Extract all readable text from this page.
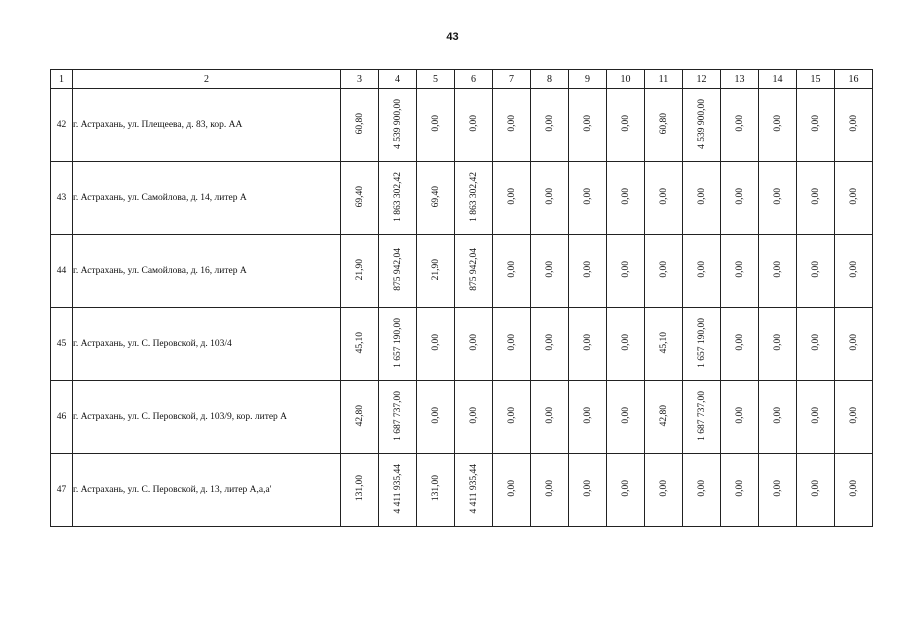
43
1	2	3	4	5	6	7	8	9	10	11	12	13	14	15	16
42	г. Астрахань, ул. Плещеева, д. 83, кор. АА	60,80	4 539 900,00	0,00	0,00	0,00	0,00	0,00	0,00	60,80	4 539 900,00	0,00	0,00	0,00	0,00
43	г. Астрахань, ул. Самойлова, д. 14, литер А	69,40	1 863 302,42	69,40	1 863 302,42	0,00	0,00	0,00	0,00	0,00	0,00	0,00	0,00	0,00	0,00
44	г. Астрахань, ул. Самойлова, д. 16, литер А	21,90	875 942,04	21,90	875 942,04	0,00	0,00	0,00	0,00	0,00	0,00	0,00	0,00	0,00	0,00
45	г. Астрахань, ул. С. Перовской, д. 103/4	45,10	1 657 190,00	0,00	0,00	0,00	0,00	0,00	0,00	45,10	1 657 190,00	0,00	0,00	0,00	0,00
46	г. Астрахань, ул. С. Перовской, д. 103/9, кор. литер А	42,80	1 687 737,00	0,00	0,00	0,00	0,00	0,00	0,00	42,80	1 687 737,00	0,00	0,00	0,00	0,00
47	г. Астрахань, ул. С. Перовской, д. 13, литер А,а,а'	131,00	4 411 935,44	131,00	4 411 935,44	0,00	0,00	0,00	0,00	0,00	0,00	0,00	0,00	0,00	0,00
